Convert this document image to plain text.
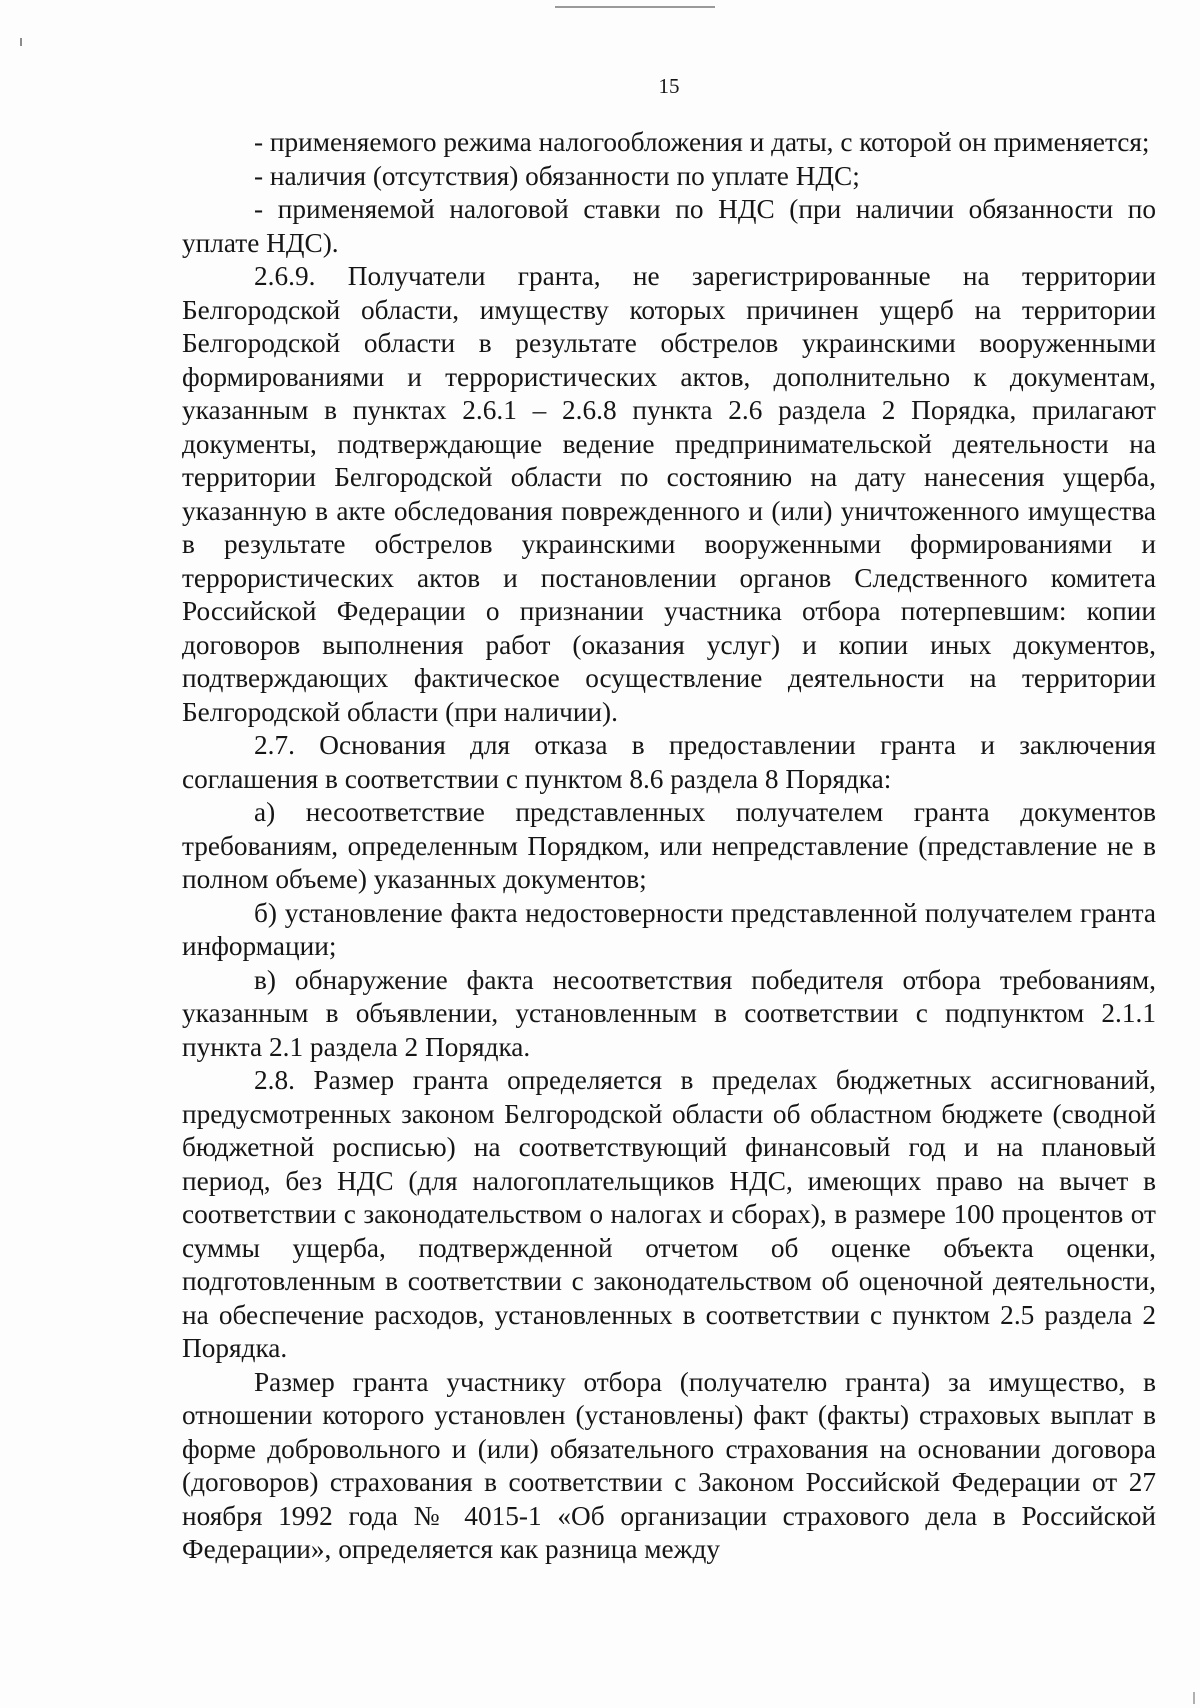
15

- применяемого режима налогообложения и даты, с которой он применяется;

- наличия (отсутствия) обязанности по уплате НДС;

- применяемой налоговой ставки по НДС (при наличии обязанности по уплате НДС).

2.6.9. Получатели гранта, не зарегистрированные на территории Белгородской области, имуществу которых причинен ущерб на территории Белгородской области в результате обстрелов украинскими вооруженными формированиями и террористических актов, дополнительно к документам, указанным в пунктах 2.6.1 – 2.6.8 пункта 2.6 раздела 2 Порядка, прилагают документы, подтверждающие ведение предпринимательской деятельности на территории Белгородской области по состоянию на дату нанесения ущерба, указанную в акте обследования поврежденного и (или) уничтоженного имущества в результате обстрелов украинскими вооруженными формированиями и террористических актов и постановлении органов Следственного комитета Российской Федерации о признании участника отбора потерпевшим: копии договоров выполнения работ (оказания услуг) и копии иных документов, подтверждающих фактическое осуществление деятельности на территории Белгородской области (при наличии).

2.7. Основания для отказа в предоставлении гранта и заключения соглашения в соответствии с пунктом 8.6 раздела 8 Порядка:

а) несоответствие представленных получателем гранта документов требованиям, определенным Порядком, или непредставление (представление не в полном объеме) указанных документов;

б) установление факта недостоверности представленной получателем гранта информации;

в) обнаружение факта несоответствия победителя отбора требованиям, указанным в объявлении, установленным в соответствии с подпунктом 2.1.1 пункта 2.1 раздела 2 Порядка.

2.8. Размер гранта определяется в пределах бюджетных ассигнований, предусмотренных законом Белгородской области об областном бюджете (сводной бюджетной росписью) на соответствующий финансовый год и на плановый период, без НДС (для налогоплательщиков НДС, имеющих право на вычет в соответствии с законодательством о налогах и сборах), в размере 100 процентов от суммы ущерба, подтвержденной отчетом об оценке объекта оценки, подготовленным в соответствии с законодательством об оценочной деятельности, на обеспечение расходов, установленных в соответствии с пунктом 2.5 раздела 2 Порядка.

Размер гранта участнику отбора (получателю гранта) за имущество, в отношении которого установлен (установлены) факт (факты) страховых выплат в форме добровольного и (или) обязательного страхования на основании договора (договоров) страхования в соответствии с Законом Российской Федерации от 27 ноября 1992 года № 4015-1 «Об организации страхового дела в Российской Федерации», определяется как разница между
